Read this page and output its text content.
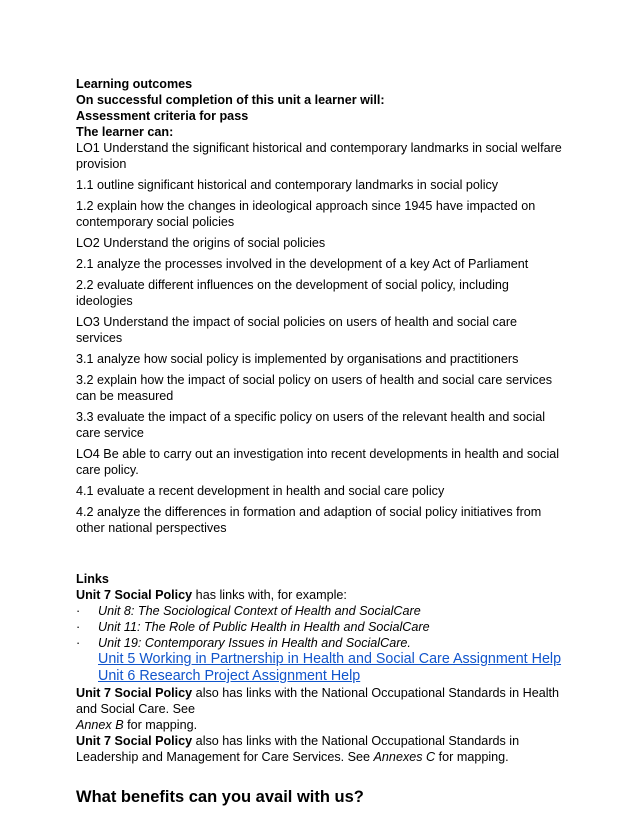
Learning outcomes

On successful completion of this unit a learner will:

Assessment criteria for pass

The learner can:

LO1 Understand the significant historical and contemporary landmarks in social welfare provision

1.1 outline significant historical and contemporary landmarks in social policy

1.2 explain how the changes in ideological approach since 1945 have impacted on contemporary social policies

LO2 Understand the origins of social policies

2.1 analyze the processes involved in the development of a key Act of Parliament

2.2 evaluate different influences on the development of social policy, including ideologies

LO3 Understand the impact of social policies on users of health and social care services

3.1 analyze how social policy is implemented by organisations and practitioners

3.2 explain how the impact of social policy on users of health and social care services can be measured

3.3 evaluate the impact of a specific policy on users of the relevant health and social care service

LO4 Be able to carry out an investigation into recent developments in health and social care policy.

4.1 evaluate a recent development in health and social care policy

4.2 analyze the differences in formation and adaption of social policy initiatives from other national perspectives

Links

Unit 7 Social Policy has links with, for example:

· Unit 8: The Sociological Context of Health and SocialCare

· Unit 11: The Role of Public Health in Health and SocialCare

· Unit 19: Contemporary Issues in Health and SocialCare.

Unit 5 Working in Partnership in Health and Social Care Assignment Help
Unit 6 Research Project Assignment Help

Unit 7 Social Policy also has links with the National Occupational Standards in Health and Social Care. See

Annex B for mapping.

Unit 7 Social Policy also has links with the National Occupational Standards in Leadership and Management for Care Services. See Annexes C for mapping.

What benefits can you avail with us?
